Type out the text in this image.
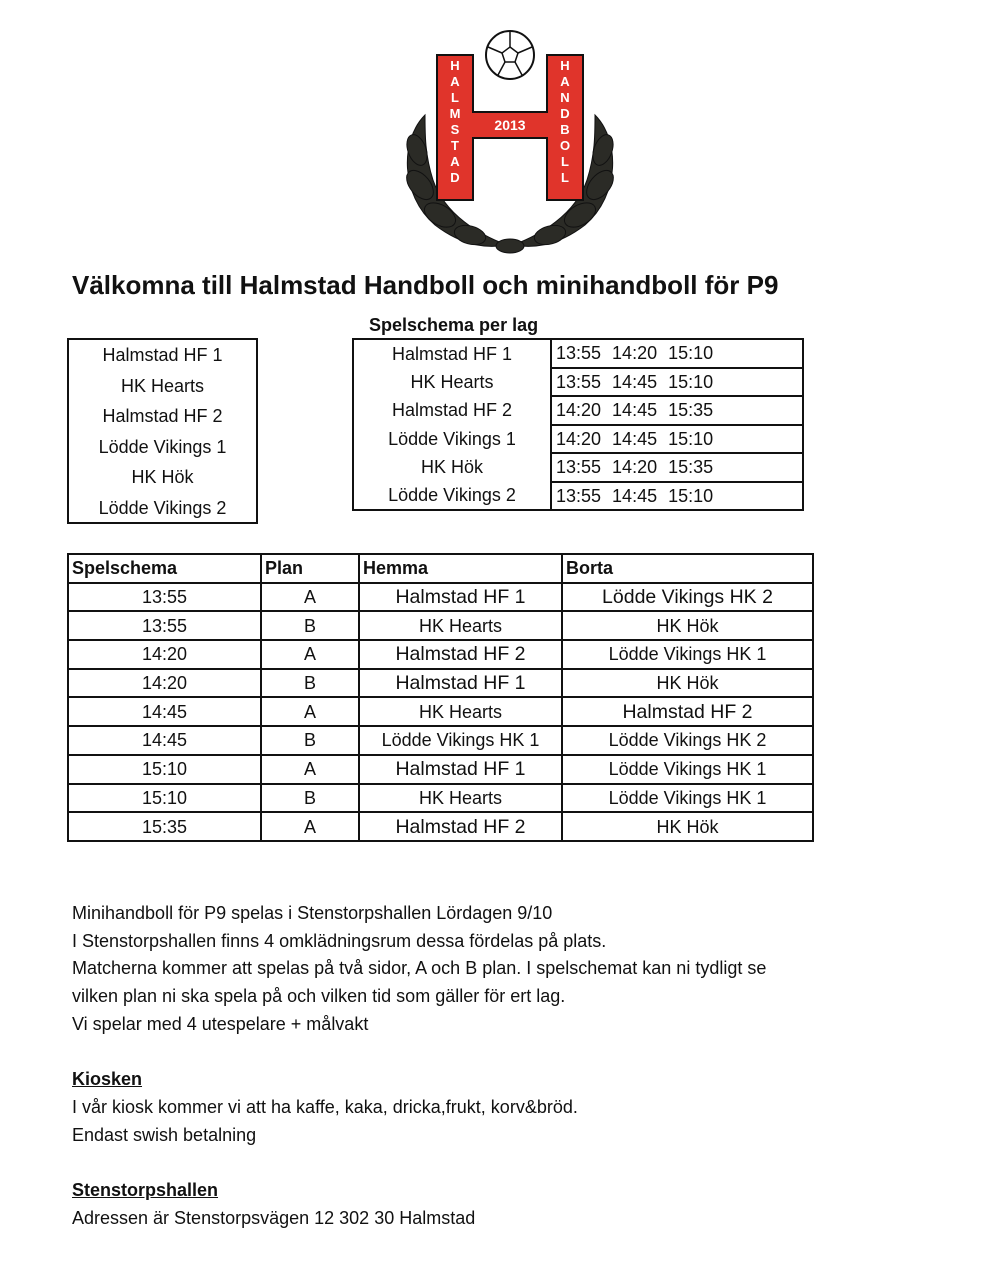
H A L M S T A D
H A N D B O L L
2013
Välkomna till Halmstad Handboll och minihandboll för P9
Spelschema per lag
Halmstad HF 1
HK Hearts
Halmstad HF 2
Lödde Vikings 1
HK Hök
Lödde Vikings 2
Halmstad HF 1	13:55 14:20 15:10
HK Hearts	13:55 14:45 15:10
Halmstad HF 2	14:20 14:45 15:35
Lödde Vikings 1	14:20 14:45 15:10
HK Hök	13:55 14:20 15:35
Lödde Vikings 2	13:55 14:45 15:10
Spelschema	Plan	Hemma	Borta
13:55	A	Halmstad HF 1	Lödde Vikings HK 2
13:55	B	HK Hearts	HK Hök
14:20	A	Halmstad HF 2	Lödde Vikings HK 1
14:20	B	Halmstad HF 1	HK Hök
14:45	A	HK Hearts	Halmstad HF 2
14:45	B	Lödde Vikings HK 1	Lödde Vikings HK 2
15:10	A	Halmstad HF 1	Lödde Vikings HK 1
15:10	B	HK Hearts	Lödde Vikings HK 1
15:35	A	Halmstad HF 2	HK Hök

Minihandboll för P9 spelas i Stenstorpshallen Lördagen 9/10

I Stenstorpshallen finns 4 omklädningsrum dessa fördelas på plats.

Matcherna kommer att spelas på två sidor, A och B plan. I spelschemat kan ni tydligt se

vilken plan ni ska spela på och vilken tid som gäller för ert lag.

Vi spelar med 4 utespelare + målvakt

Kiosken

I vår kiosk kommer vi att ha kaffe, kaka, dricka,frukt, korv&bröd.

Endast swish betalning

Stenstorpshallen

Adressen är Stenstorpsvägen 12 302 30 Halmstad
